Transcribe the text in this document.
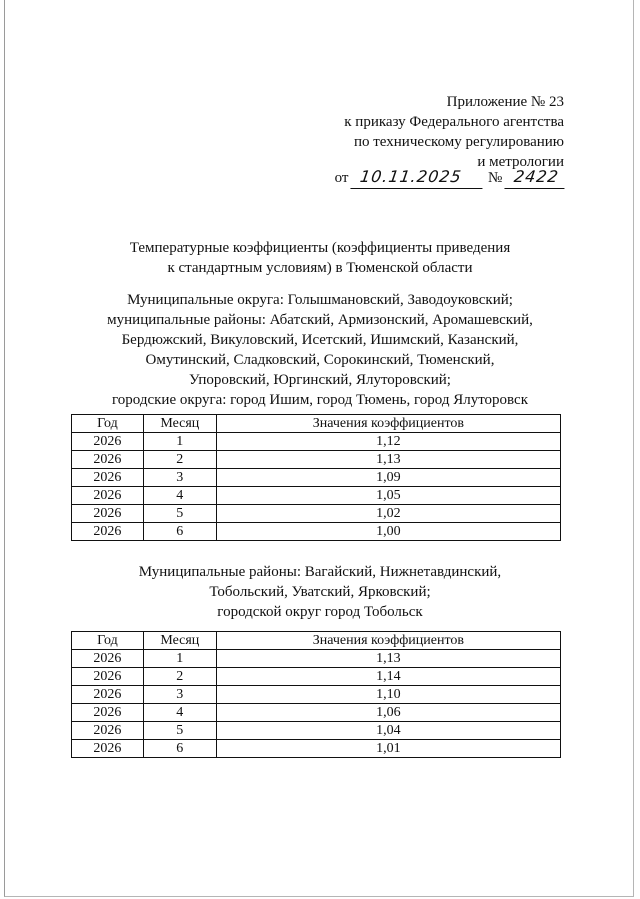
Приложение № 23
к приказу Федерального агентства
по техническому регулированию
и метрологии
от 10.11.2025 № 2422
Температурные коэффициенты (коэффициенты приведения
к стандартным условиям) в Тюменской области
Муниципальные округа: Голышмановский, Заводоуковский;
муниципальные районы: Абатский, Армизонский, Аромашевский,
Бердюжский, Викуловский, Исетский, Ишимский, Казанский,
Омутинский, Сладковский, Сорокинский, Тюменский,
Упоровский, Юргинский, Ялуторовский;
городские округа: город Ишим, город Тюмень, город Ялуторовск
Год	Месяц	Значения коэффициентов
2026	1	1,12
2026	2	1,13
2026	3	1,09
2026	4	1,05
2026	5	1,02
2026	6	1,00
Муниципальные районы: Вагайский, Нижнетавдинский,
Тобольский, Уватский, Ярковский;
городской округ город Тобольск
Год	Месяц	Значения коэффициентов
2026	1	1,13
2026	2	1,14
2026	3	1,10
2026	4	1,06
2026	5	1,04
2026	6	1,01
